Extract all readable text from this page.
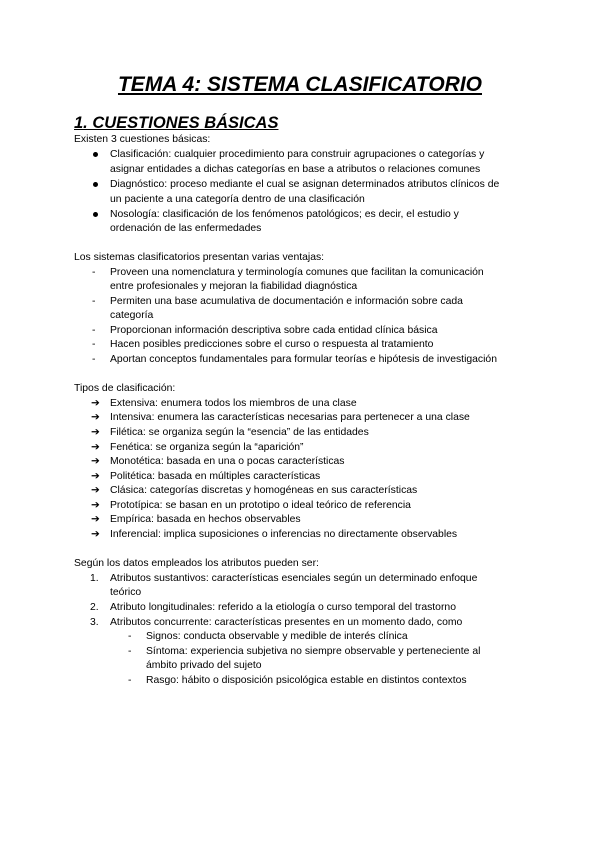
TEMA 4: SISTEMA CLASIFICATORIO
1. CUESTIONES BÁSICAS
Existen 3 cuestiones básicas:
Clasificación: cualquier procedimiento para construir agrupaciones o categorías y
asignar entidades a dichas categorías en base a atributos o relaciones comunes
Diagnóstico: proceso mediante el cual se asignan determinados atributos clínicos de
un paciente a una categoría dentro de una clasificación
Nosología: clasificación de los fenómenos patológicos; es decir, el estudio y
ordenación de las enfermedades
Los sistemas clasificatorios presentan varias ventajas:
- Proveen una nomenclatura y terminología comunes que facilitan la comunicación
entre profesionales y mejoran la fiabilidad diagnóstica
- Permiten una base acumulativa de documentación e información sobre cada
categoría
- Proporcionan información descriptiva sobre cada entidad clínica básica
- Hacen posibles predicciones sobre el curso o respuesta al tratamiento
- Aportan conceptos fundamentales para formular teorías e hipótesis de investigación
Tipos de clasificación:
➔ Extensiva: enumera todos los miembros de una clase
➔ Intensiva: enumera las características necesarias para pertenecer a una clase
➔ Filética: se organiza según la “esencia” de las entidades
➔ Fenética: se organiza según la “aparición”
➔ Monotética: basada en una o pocas características
➔ Politética: basada en múltiples características
➔ Clásica: categorías discretas y homogéneas en sus características
➔ Prototípica: se basan en un prototipo o ideal teórico de referencia
➔ Empírica: basada en hechos observables
➔ Inferencial: implica suposiciones o inferencias no directamente observables
Según los datos empleados los atributos pueden ser:
1. Atributos sustantivos: características esenciales según un determinado enfoque
teórico
2. Atributo longitudinales: referido a la etiología o curso temporal del trastorno
3. Atributos concurrente: características presentes en un momento dado, como
- Signos: conducta observable y medible de interés clínica
- Síntoma: experiencia subjetiva no siempre observable y perteneciente al
ámbito privado del sujeto
- Rasgo: hábito o disposición psicológica estable en distintos contextos
